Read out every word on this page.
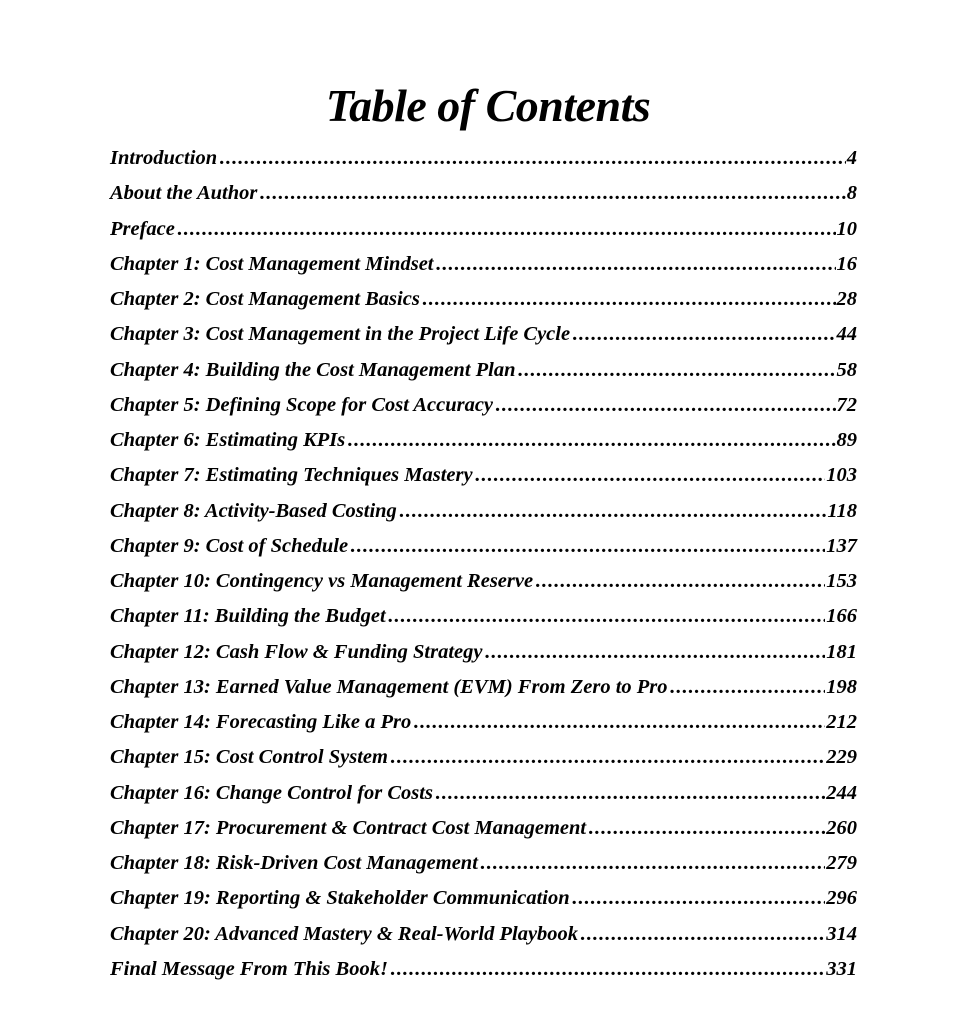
Table of Contents
Introduction .....	4
About the Author .....	8
Preface .....	10
Chapter 1: Cost Management Mindset .....	16
Chapter 2: Cost Management Basics .....	28
Chapter 3: Cost Management in the Project Life Cycle .....	44
Chapter 4: Building the Cost Management Plan .....	58
Chapter 5: Defining Scope for Cost Accuracy .....	72
Chapter 6: Estimating KPIs .....	89
Chapter 7: Estimating Techniques Mastery .....	103
Chapter 8: Activity-Based Costing .....	118
Chapter 9: Cost of Schedule .....	137
Chapter 10: Contingency vs Management Reserve .....	153
Chapter 11: Building the Budget .....	166
Chapter 12: Cash Flow & Funding Strategy .....	181
Chapter 13: Earned Value Management (EVM) From Zero to Pro .....	198
Chapter 14: Forecasting Like a Pro .....	212
Chapter 15: Cost Control System .....	229
Chapter 16: Change Control for Costs .....	244
Chapter 17: Procurement & Contract Cost Management .....	260
Chapter 18: Risk-Driven Cost Management .....	279
Chapter 19: Reporting & Stakeholder Communication .....	296
Chapter 20: Advanced Mastery & Real-World Playbook .....	314
Final Message From This Book! .....	331
